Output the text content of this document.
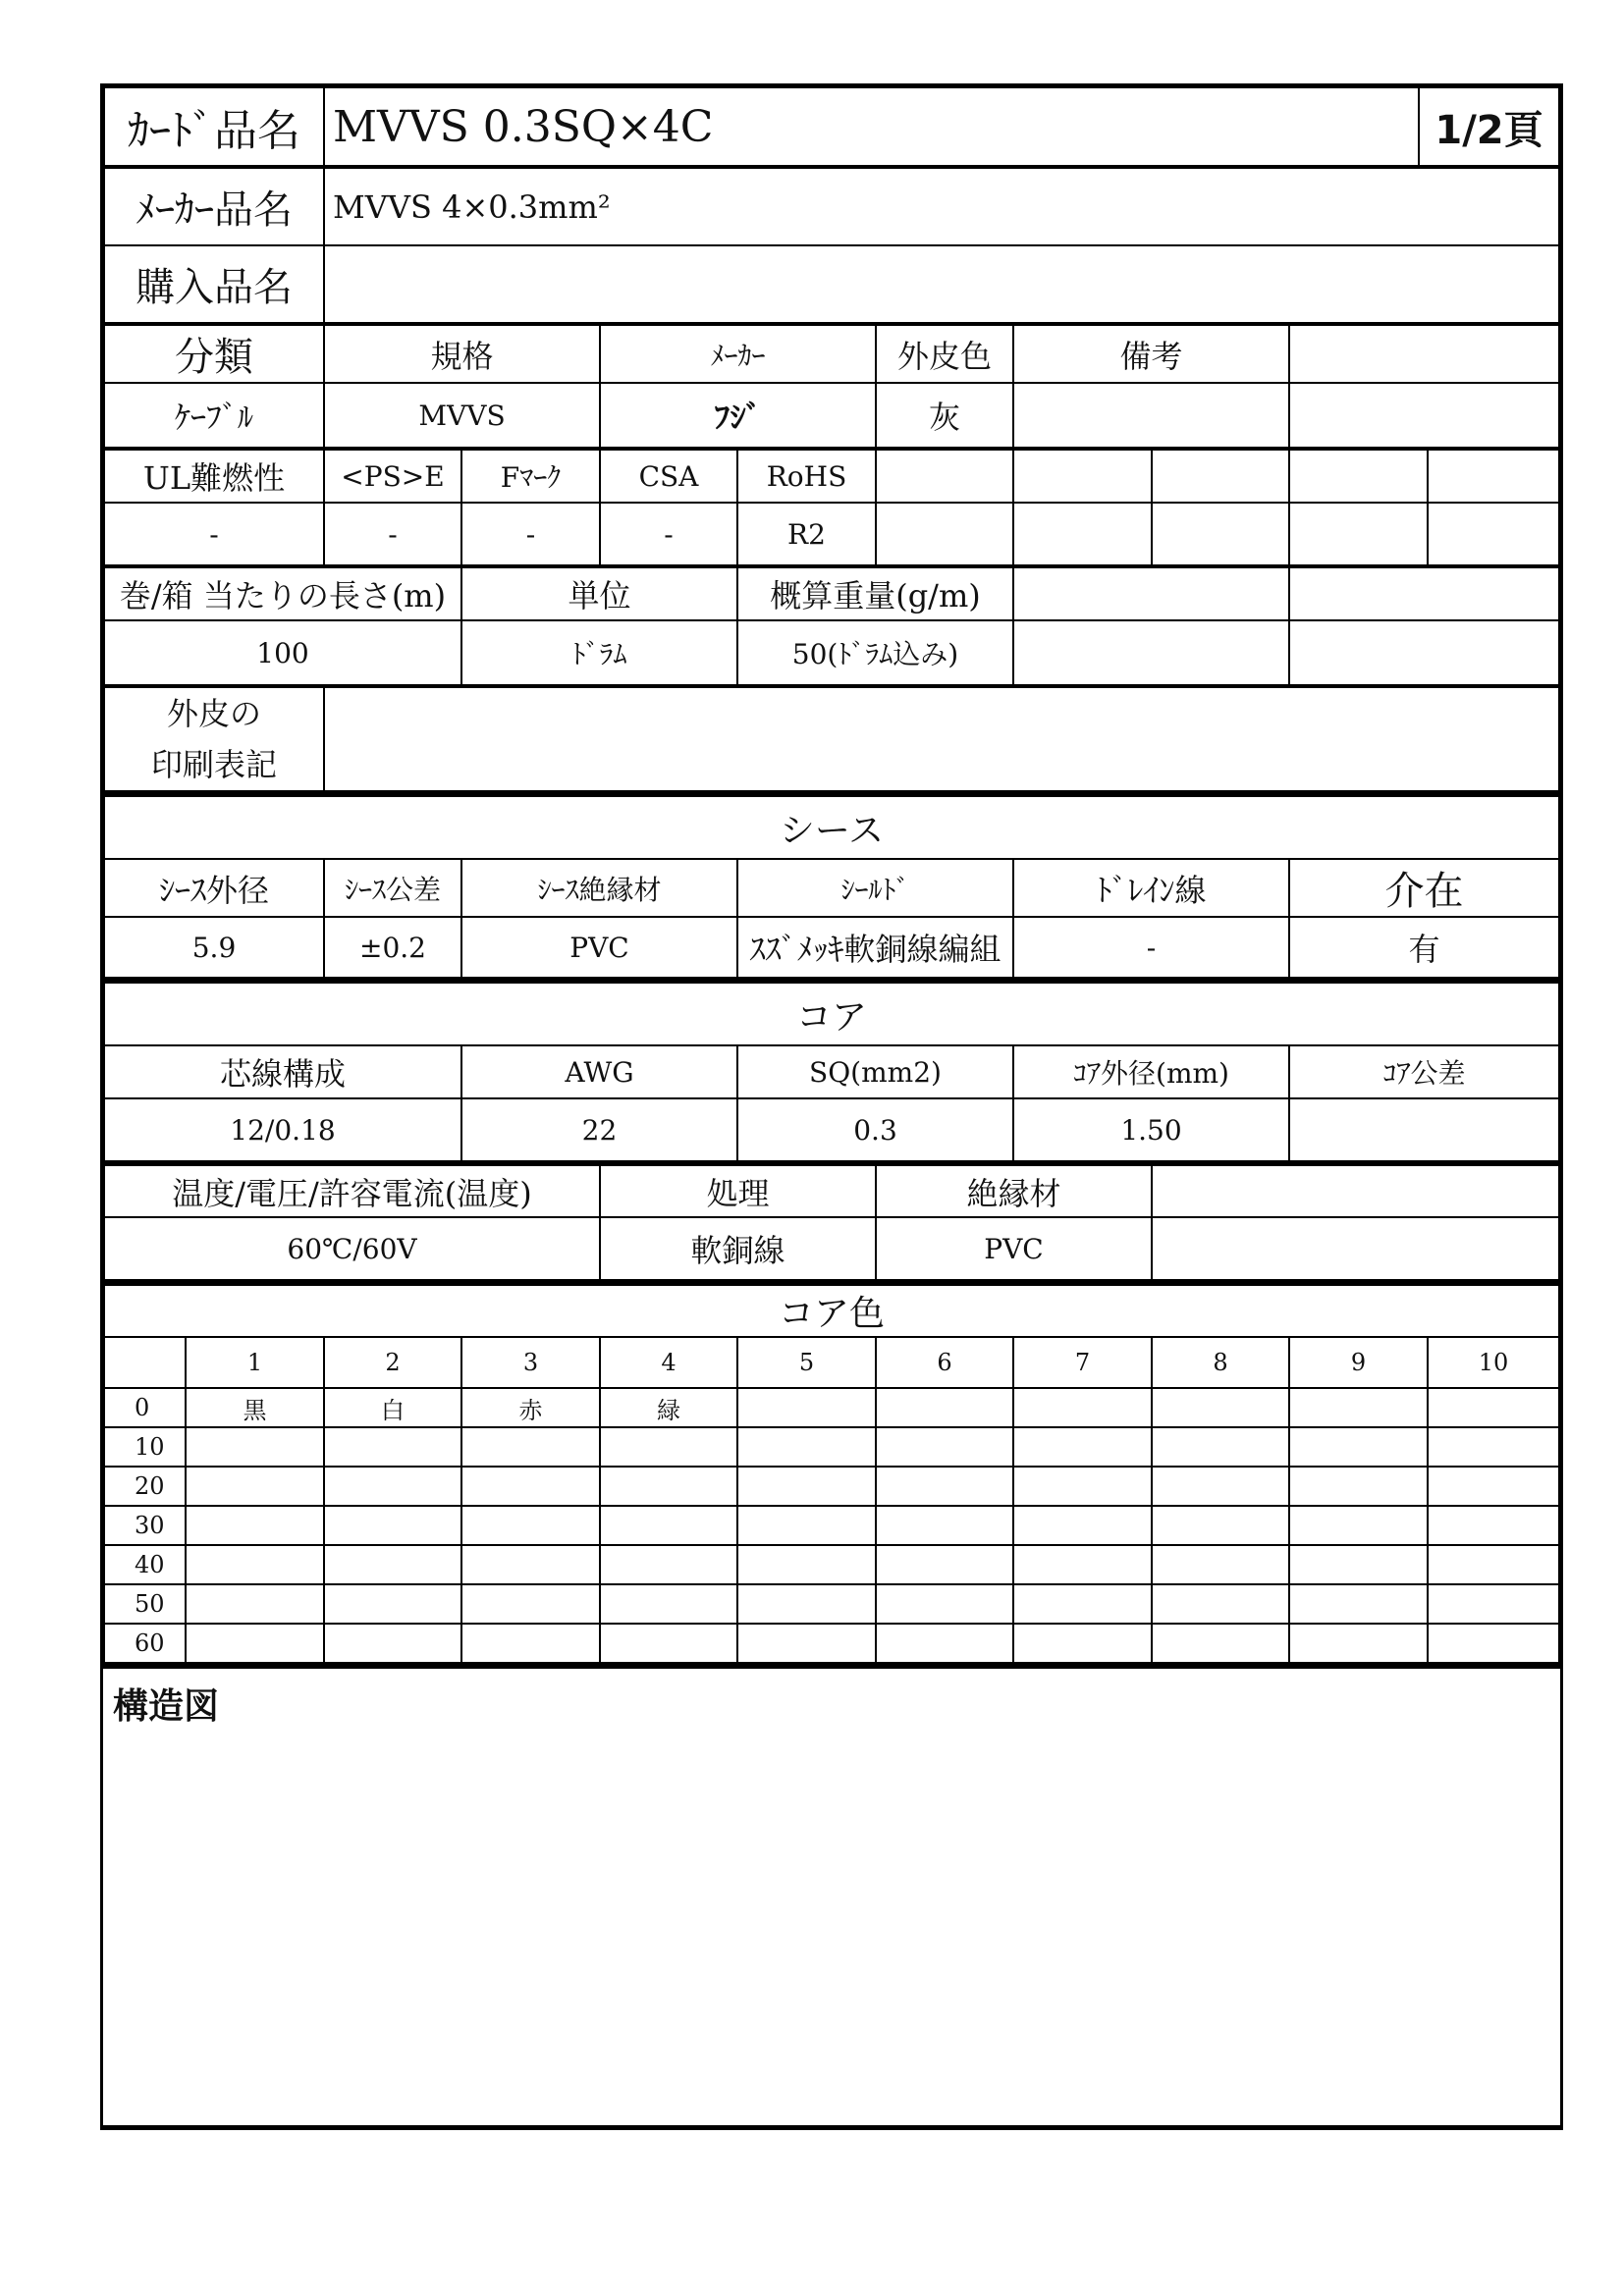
ｶｰﾄﾞ品名	MVVS 0.3SQ×4C	1/2頁
ﾒｰｶｰ品名	MVVS 4×0.3mm²
購入品名	
分類	規格	ﾒｰｶｰ	外皮色	備考	
ｹｰﾌﾞﾙ	MVVS	ﾌｼﾞ	灰		
UL難燃性	<PS>E	Fﾏｰｸ	CSA	RoHS					
-	-	-	-	R2					
巻/箱 当たりの長さ(m)	単位	概算重量(g/m)		
100	ﾄﾞﾗﾑ	50(ﾄﾞﾗﾑ込み)		
外皮の
印刷表記

シース					
ｼｰｽ外径	ｼｰｽ公差	ｼｰｽ絶縁材	ｼｰﾙﾄﾞ	ﾄﾞﾚｲﾝ線	介在
5.9	±0.2	PVC	ｽｽﾞﾒｯｷ軟銅線編組	-	有
コア				
芯線構成	AWG	SQ(mm2)	ｺｱ外径(mm)	ｺｱ公差
12/0.18	22	0.3	1.50	
温度/電圧/許容電流(温度)	処理	絶縁材	
60℃/60V	軟銅線	PVC	
コア色										
	1	2	3	4	5	6	7	8	9	10
0	黒	白	赤	緑						
10										
20										
30										
40										
50										
60										
構造図
